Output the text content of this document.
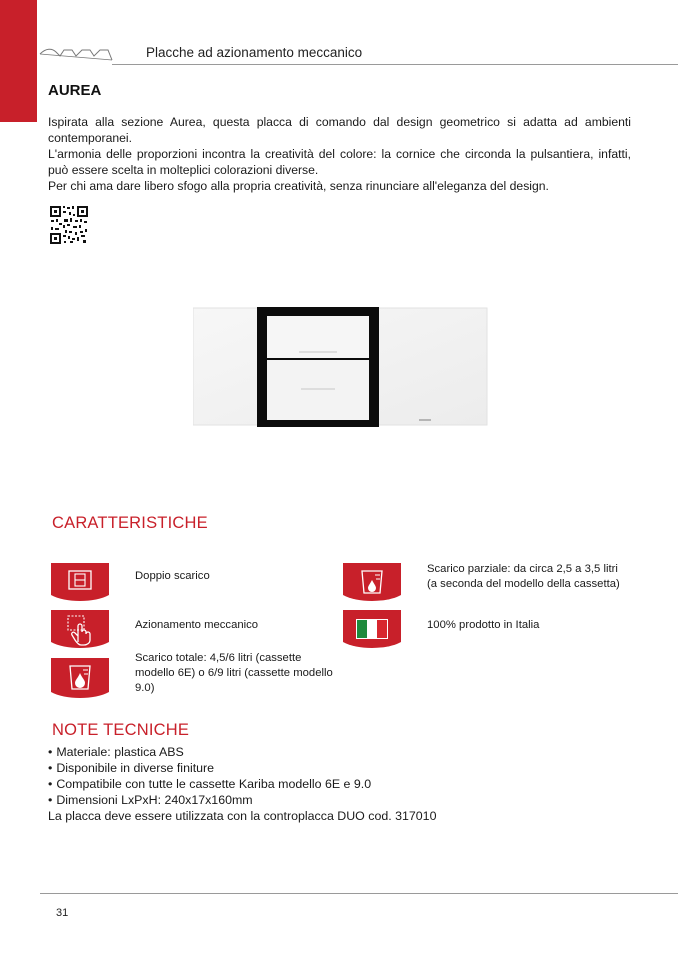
Placche ad azionamento meccanico
AUREA

Ispirata alla sezione Aurea, questa placca di comando dal design geometrico si adatta ad ambienti contemporanei.

L'armonia delle proporzioni incontra la creatività del colore: la cornice che circonda la pulsantiera, infatti, può essere scelta in molteplici colorazioni diverse.

Per chi ama dare libero sfogo alla propria creatività, senza rinunciare all'eleganza del design.

CARATTERISTICHE
Doppio scarico
Scarico parziale: da circa 2,5 a 3,5 litri (a seconda del modello della cassetta)
Azionamento meccanico	100% prodotto in Italia
Scarico totale: 4,5/6 litri (cassette modello 6E) o 6/9 litri (cassette modello 9.0)
NOTE TECNICHE
• Materiale: plastica ABS
• Disponibile in diverse finiture
• Compatibile con tutte le cassette Kariba modello 6E e 9.0
• Dimensioni LxPxH: 240x17x160mm
La placca deve essere utilizzata con la controplacca DUO cod. 317010
31
